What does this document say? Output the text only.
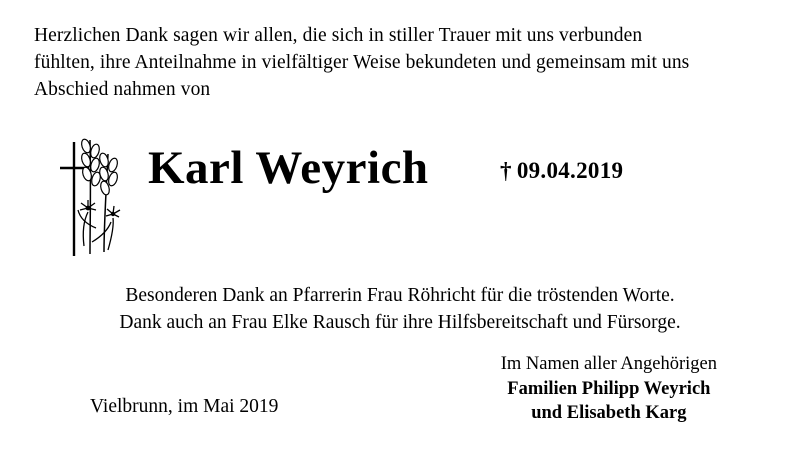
Herzlichen Dank sagen wir allen, die sich in stiller Trauer mit uns verbunden
fühlten, ihre Anteilnahme in vielfältiger Weise bekundeten und gemeinsam mit uns
Abschied nahmen von
Karl Weyrich	† 09.04.2019
Besonderen Dank an Pfarrerin Frau Röhricht für die tröstenden Worte.
Dank auch an Frau Elke Rausch für ihre Hilfsbereitschaft und Fürsorge.
Im Namen aller Angehörigen
Familien Philipp Weyrich
und Elisabeth Karg
Vielbrunn, im Mai 2019
